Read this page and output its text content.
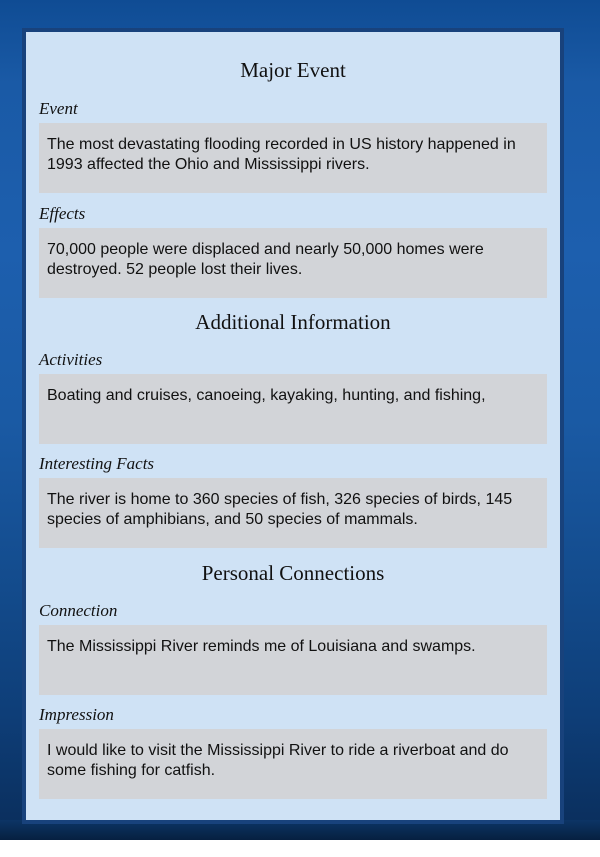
Major Event
Event
The most devastating flooding recorded in US history happened in 1993 affected the Ohio and Mississippi rivers.
Effects
70,000 people were displaced and nearly 50,000 homes were destroyed. 52 people lost their lives.
Additional Information
Activities
Boating and cruises, canoeing, kayaking, hunting, and fishing,
Interesting Facts
The river is home to 360 species of fish, 326 species of birds, 145 species of amphibians, and 50 species of mammals.
Personal Connections
Connection
The Mississippi River reminds me of Louisiana and swamps.
Impression
I would like to visit the Mississippi River to ride a riverboat and do some fishing for catfish.
